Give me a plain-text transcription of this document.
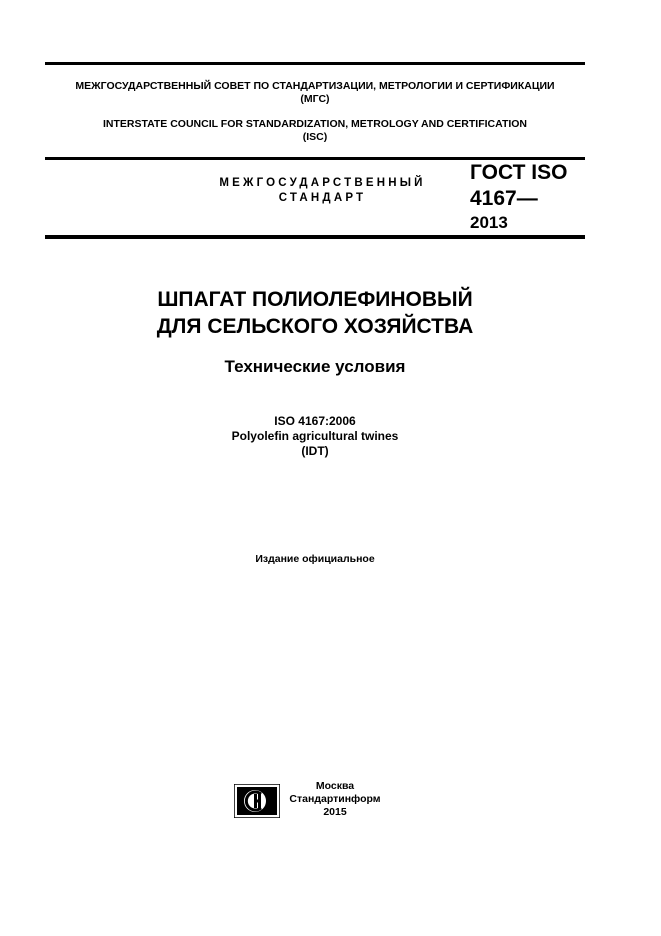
МЕЖГОСУДАРСТВЕННЫЙ СОВЕТ ПО СТАНДАРТИЗАЦИИ, МЕТРОЛОГИИ И СЕРТИФИКАЦИИ
(МГС)
INTERSTATE COUNCIL FOR STANDARDIZATION, METROLOGY AND CERTIFICATION
(ISC)
МЕЖГОСУДАРСТВЕННЫЙ
СТАНДАРТ
ГОСТ ISO
4167—
2013
ШПАГАТ ПОЛИОЛЕФИНОВЫЙ
ДЛЯ СЕЛЬСКОГО ХОЗЯЙСТВА
Технические условия
ISO 4167:2006
Polyolefin agricultural twines
(IDT)
Издание официальное
Москва
Стандартинформ
2015
